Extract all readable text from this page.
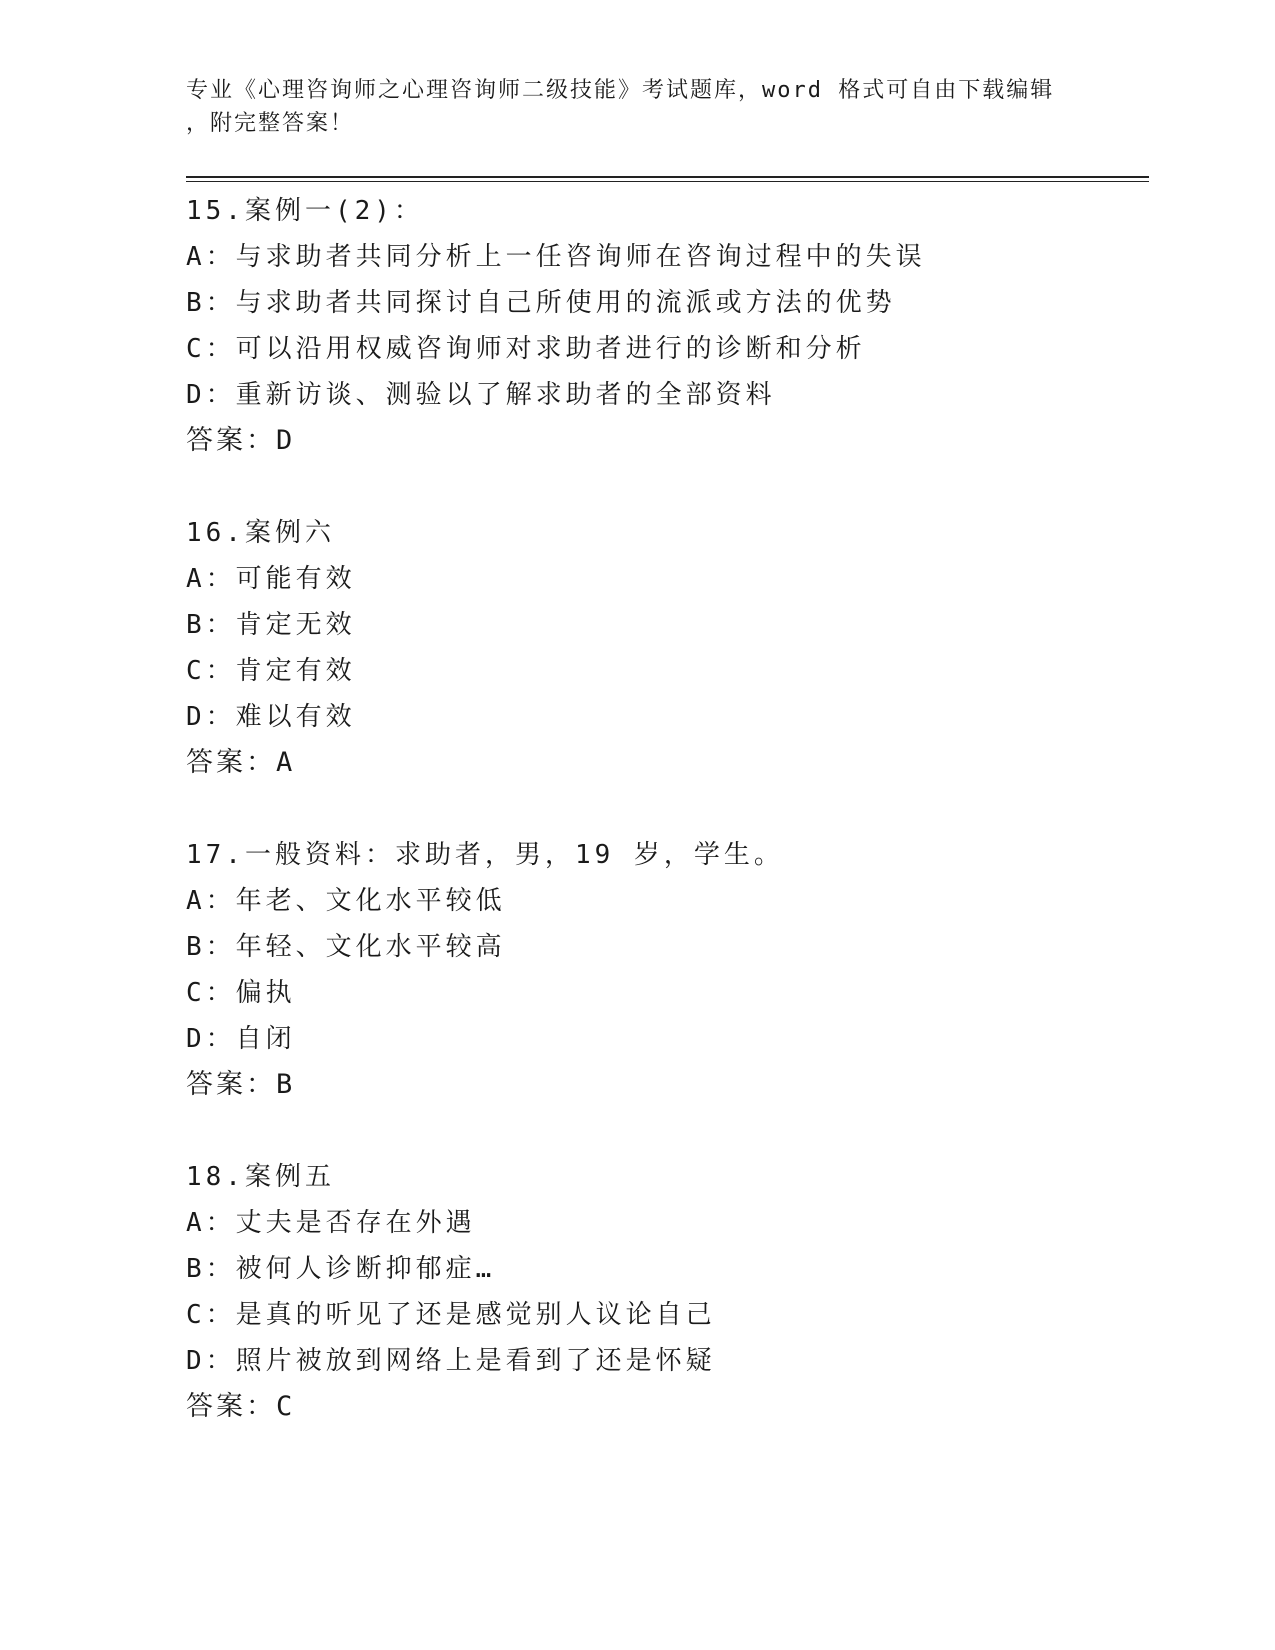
专业《心理咨询师之心理咨询师二级技能》考试题库，word 格式可自由下载编辑
，附完整答案！
15.案例一(2)：
A：与求助者共同分析上一任咨询师在咨询过程中的失误
B：与求助者共同探讨自己所使用的流派或方法的优势
C：可以沿用权威咨询师对求助者进行的诊断和分析
D：重新访谈、测验以了解求助者的全部资料
答案：D
16.案例六
A：可能有效
B：肯定无效
C：肯定有效
D：难以有效
答案：A
17.一般资料：求助者，男，19 岁，学生。
A：年老、文化水平较低
B：年轻、文化水平较高
C：偏执
D：自闭
答案：B
18.案例五
A：丈夫是否存在外遇
B：被何人诊断抑郁症…
C：是真的听见了还是感觉别人议论自己
D：照片被放到网络上是看到了还是怀疑
答案：C
